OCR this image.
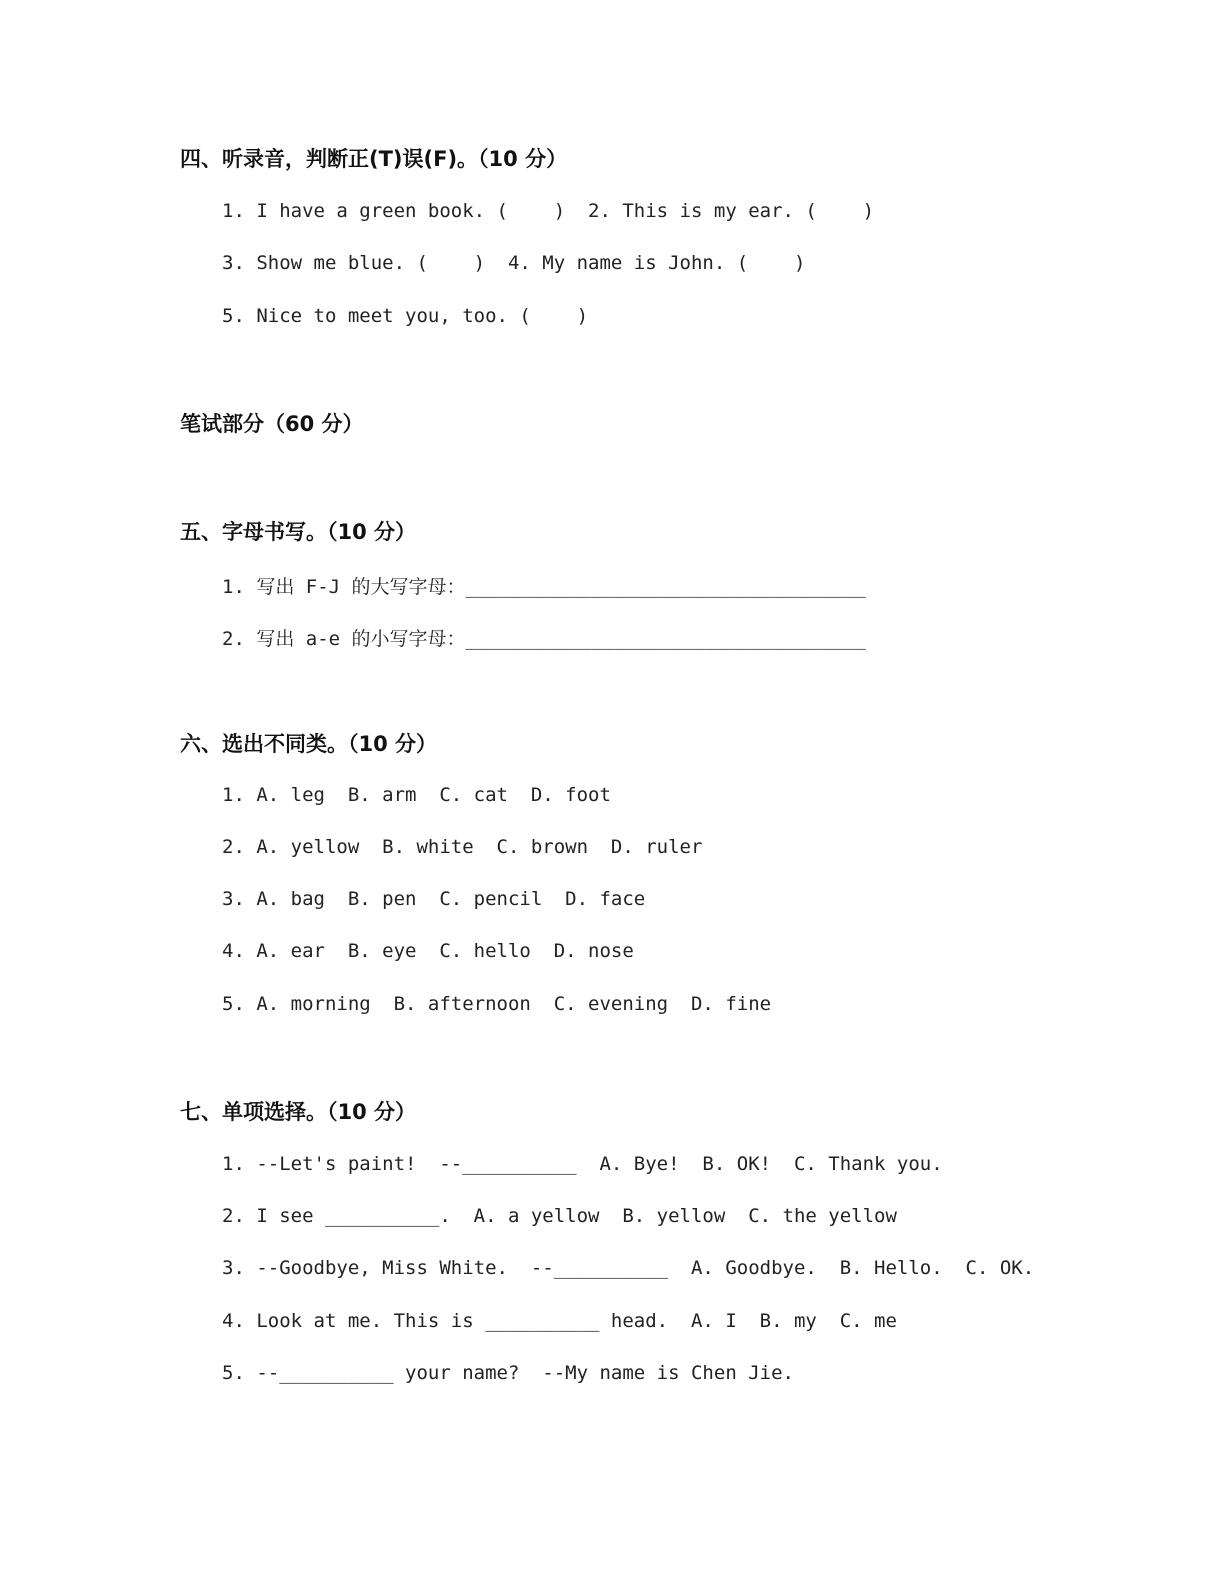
四、听录音，判断正(T)误(F)。（10 分）
1. I have a green book. (    )  2. This is my ear. (    )
3. Show me blue. (    )  4. My name is John. (    )
5. Nice to meet you, too. (    )
笔试部分（60 分）
五、字母书写。（10 分）
1. 写出 F-J 的大写字母：___________________________________
2. 写出 a-e 的小写字母：___________________________________
六、选出不同类。（10 分）
1. A. leg  B. arm  C. cat  D. foot
2. A. yellow  B. white  C. brown  D. ruler
3. A. bag  B. pen  C. pencil  D. face
4. A. ear  B. eye  C. hello  D. nose
5. A. morning  B. afternoon  C. evening  D. fine
七、单项选择。（10 分）
1. --Let's paint!  --__________  A. Bye!  B. OK!  C. Thank you.
2. I see __________.  A. a yellow  B. yellow  C. the yellow
3. --Goodbye, Miss White.  --__________  A. Goodbye.  B. Hello.  C. OK.
4. Look at me. This is __________ head.  A. I  B. my  C. me
5. --__________ your name?  --My name is Chen Jie.
